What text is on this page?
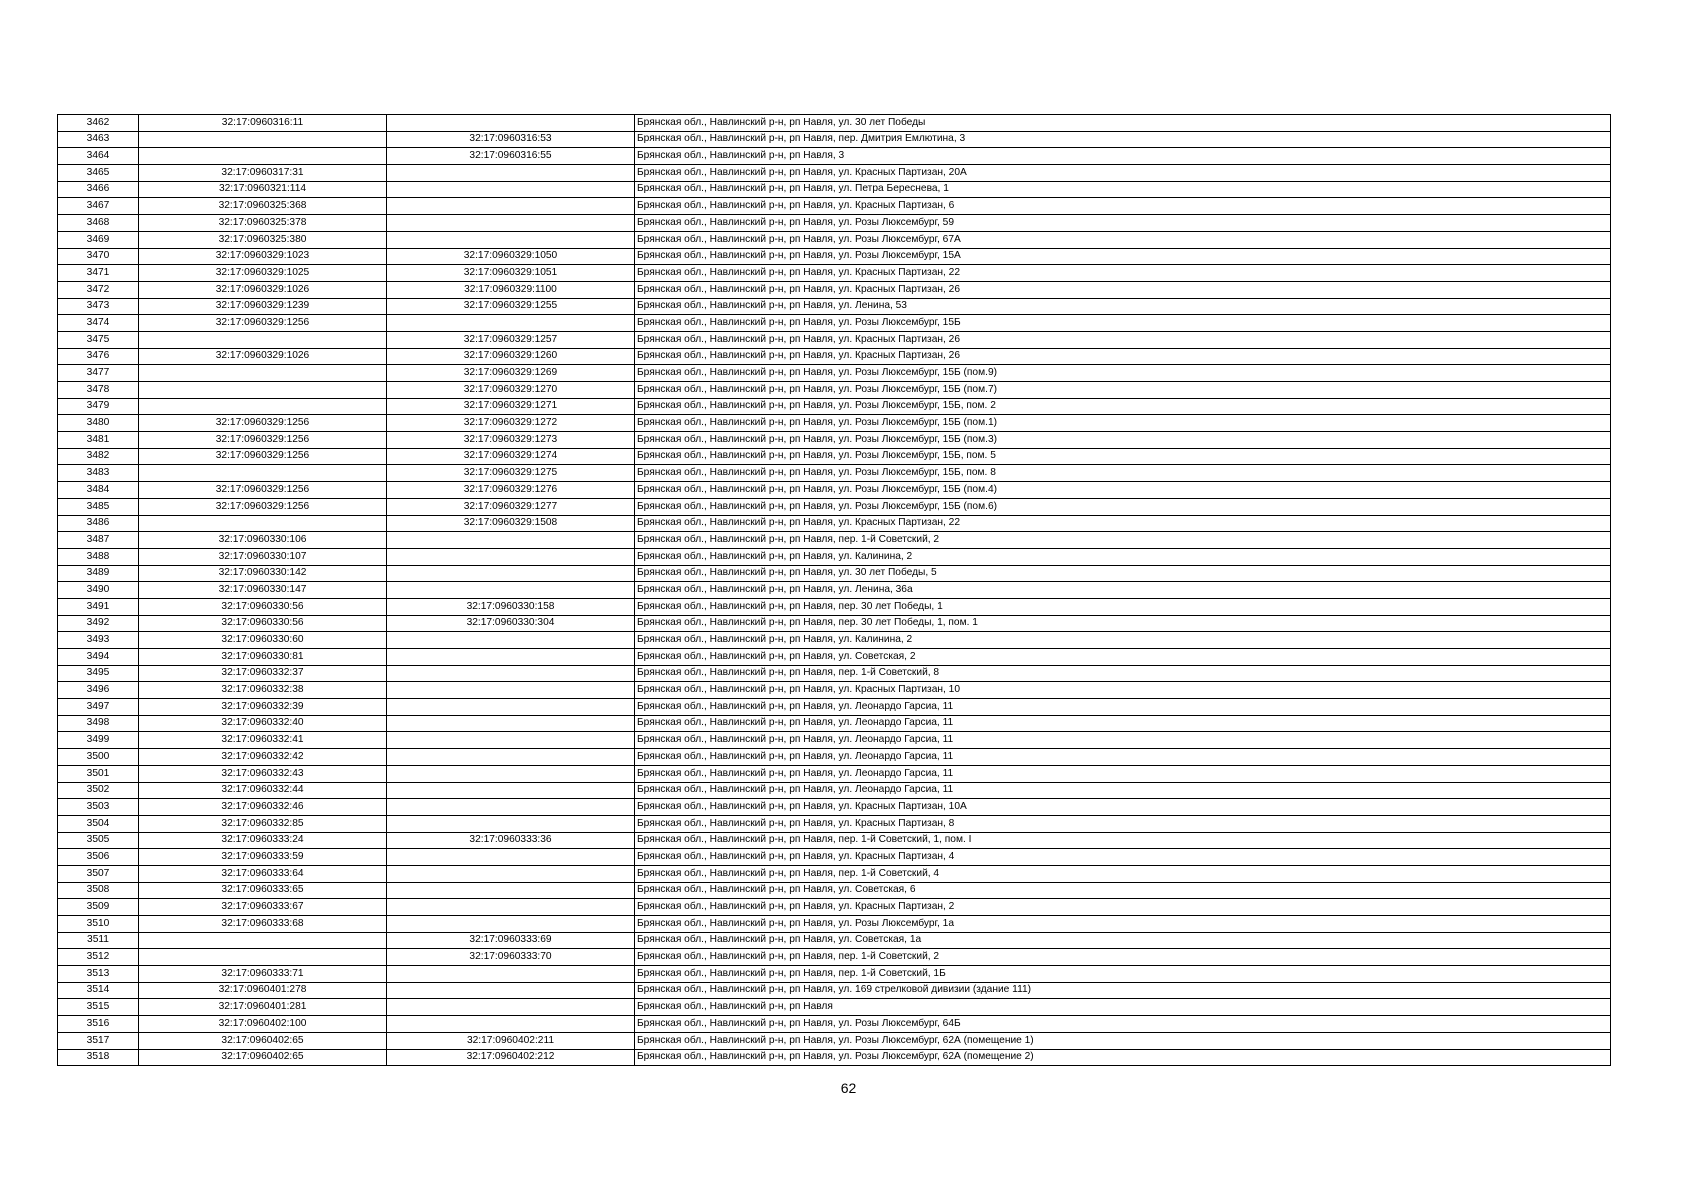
3462	32:17:0960316:11		Брянская обл., Навлинский р-н, рп Навля, ул. 30 лет Победы
3463		32:17:0960316:53	Брянская обл., Навлинский р-н, рп Навля, пер. Дмитрия Емлютина, 3
3464		32:17:0960316:55	Брянская обл., Навлинский р-н, рп Навля, 3
3465	32:17:0960317:31		Брянская обл., Навлинский р-н, рп Навля, ул. Красных Партизан, 20А
3466	32:17:0960321:114		Брянская обл., Навлинский р-н, рп Навля, ул. Петра Береснева, 1
3467	32:17:0960325:368		Брянская обл., Навлинский р-н, рп Навля, ул. Красных Партизан, 6
3468	32:17:0960325:378		Брянская обл., Навлинский р-н, рп Навля, ул. Розы Люксембург, 59
3469	32:17:0960325:380		Брянская обл., Навлинский р-н, рп Навля, ул. Розы Люксембург, 67А
3470	32:17:0960329:1023	32:17:0960329:1050	Брянская обл., Навлинский р-н, рп Навля, ул. Розы Люксембург, 15А
3471	32:17:0960329:1025	32:17:0960329:1051	Брянская обл., Навлинский р-н, рп Навля, ул. Красных Партизан, 22
3472	32:17:0960329:1026	32:17:0960329:1100	Брянская обл., Навлинский р-н, рп Навля, ул. Красных Партизан, 26
3473	32:17:0960329:1239	32:17:0960329:1255	Брянская обл., Навлинский р-н, рп Навля, ул. Ленина, 53
3474	32:17:0960329:1256		Брянская обл., Навлинский р-н, рп Навля, ул. Розы Люксембург, 15Б
3475		32:17:0960329:1257	Брянская обл., Навлинский р-н, рп Навля, ул. Красных Партизан, 26
3476	32:17:0960329:1026	32:17:0960329:1260	Брянская обл., Навлинский р-н, рп Навля, ул. Красных Партизан, 26
3477		32:17:0960329:1269	Брянская обл., Навлинский р-н, рп Навля, ул. Розы Люксембург, 15Б (пом.9)
3478		32:17:0960329:1270	Брянская обл., Навлинский р-н, рп Навля, ул. Розы Люксембург, 15Б (пом.7)
3479		32:17:0960329:1271	Брянская обл., Навлинский р-н, рп Навля, ул. Розы Люксембург, 15Б, пом. 2
3480	32:17:0960329:1256	32:17:0960329:1272	Брянская обл., Навлинский р-н, рп Навля, ул. Розы Люксембург, 15Б (пом.1)
3481	32:17:0960329:1256	32:17:0960329:1273	Брянская обл., Навлинский р-н, рп Навля, ул. Розы Люксембург, 15Б (пом.3)
3482	32:17:0960329:1256	32:17:0960329:1274	Брянская обл., Навлинский р-н, рп Навля, ул. Розы Люксембург, 15Б, пом. 5
3483		32:17:0960329:1275	Брянская обл., Навлинский р-н, рп Навля, ул. Розы Люксембург, 15Б, пом. 8
3484	32:17:0960329:1256	32:17:0960329:1276	Брянская обл., Навлинский р-н, рп Навля, ул. Розы Люксембург, 15Б (пом.4)
3485	32:17:0960329:1256	32:17:0960329:1277	Брянская обл., Навлинский р-н, рп Навля, ул. Розы Люксембург, 15Б (пом.6)
3486		32:17:0960329:1508	Брянская обл., Навлинский р-н, рп Навля, ул. Красных Партизан, 22
3487	32:17:0960330:106		Брянская обл., Навлинский р-н, рп Навля, пер. 1-й Советский, 2
3488	32:17:0960330:107		Брянская обл., Навлинский р-н, рп Навля, ул. Калинина, 2
3489	32:17:0960330:142		Брянская обл., Навлинский р-н, рп Навля, ул. 30 лет Победы, 5
3490	32:17:0960330:147		Брянская обл., Навлинский р-н, рп Навля, ул. Ленина, 36а
3491	32:17:0960330:56	32:17:0960330:158	Брянская обл., Навлинский р-н, рп Навля, пер. 30 лет Победы, 1
3492	32:17:0960330:56	32:17:0960330:304	Брянская обл., Навлинский р-н, рп Навля, пер. 30 лет Победы, 1, пом. 1
3493	32:17:0960330:60		Брянская обл., Навлинский р-н, рп Навля, ул. Калинина, 2
3494	32:17:0960330:81		Брянская обл., Навлинский р-н, рп Навля, ул. Советская, 2
3495	32:17:0960332:37		Брянская обл., Навлинский р-н, рп Навля, пер. 1-й Советский, 8
3496	32:17:0960332:38		Брянская обл., Навлинский р-н, рп Навля, ул. Красных Партизан, 10
3497	32:17:0960332:39		Брянская обл., Навлинский р-н, рп Навля, ул. Леонардо Гарсиа, 11
3498	32:17:0960332:40		Брянская обл., Навлинский р-н, рп Навля, ул. Леонардо Гарсиа, 11
3499	32:17:0960332:41		Брянская обл., Навлинский р-н, рп Навля, ул. Леонардо Гарсиа, 11
3500	32:17:0960332:42		Брянская обл., Навлинский р-н, рп Навля, ул. Леонардо Гарсиа, 11
3501	32:17:0960332:43		Брянская обл., Навлинский р-н, рп Навля, ул. Леонардо Гарсиа, 11
3502	32:17:0960332:44		Брянская обл., Навлинский р-н, рп Навля, ул. Леонардо Гарсиа, 11
3503	32:17:0960332:46		Брянская обл., Навлинский р-н, рп Навля, ул. Красных Партизан, 10А
3504	32:17:0960332:85		Брянская обл., Навлинский р-н, рп Навля, ул. Красных Партизан, 8
3505	32:17:0960333:24	32:17:0960333:36	Брянская обл., Навлинский р-н, рп Навля, пер. 1-й Советский, 1, пом. I
3506	32:17:0960333:59		Брянская обл., Навлинский р-н, рп Навля, ул. Красных Партизан, 4
3507	32:17:0960333:64		Брянская обл., Навлинский р-н, рп Навля, пер. 1-й Советский, 4
3508	32:17:0960333:65		Брянская обл., Навлинский р-н, рп Навля, ул. Советская, 6
3509	32:17:0960333:67		Брянская обл., Навлинский р-н, рп Навля, ул. Красных Партизан, 2
3510	32:17:0960333:68		Брянская обл., Навлинский р-н, рп Навля, ул. Розы Люксембург, 1а
3511		32:17:0960333:69	Брянская обл., Навлинский р-н, рп Навля, ул. Советская, 1а
3512		32:17:0960333:70	Брянская обл., Навлинский р-н, рп Навля, пер. 1-й Советский, 2
3513	32:17:0960333:71		Брянская обл., Навлинский р-н, рп Навля, пер. 1-й Советский, 1Б
3514	32:17:0960401:278		Брянская обл., Навлинский р-н, рп Навля, ул. 169 стрелковой дивизии (здание 111)
3515	32:17:0960401:281		Брянская обл., Навлинский р-н, рп Навля
3516	32:17:0960402:100		Брянская обл., Навлинский р-н, рп Навля, ул. Розы Люксембург, 64Б
3517	32:17:0960402:65	32:17:0960402:211	Брянская обл., Навлинский р-н, рп Навля, ул. Розы Люксембург, 62А (помещение 1)
3518	32:17:0960402:65	32:17:0960402:212	Брянская обл., Навлинский р-н, рп Навля, ул. Розы Люксембург, 62А (помещение 2)
62
